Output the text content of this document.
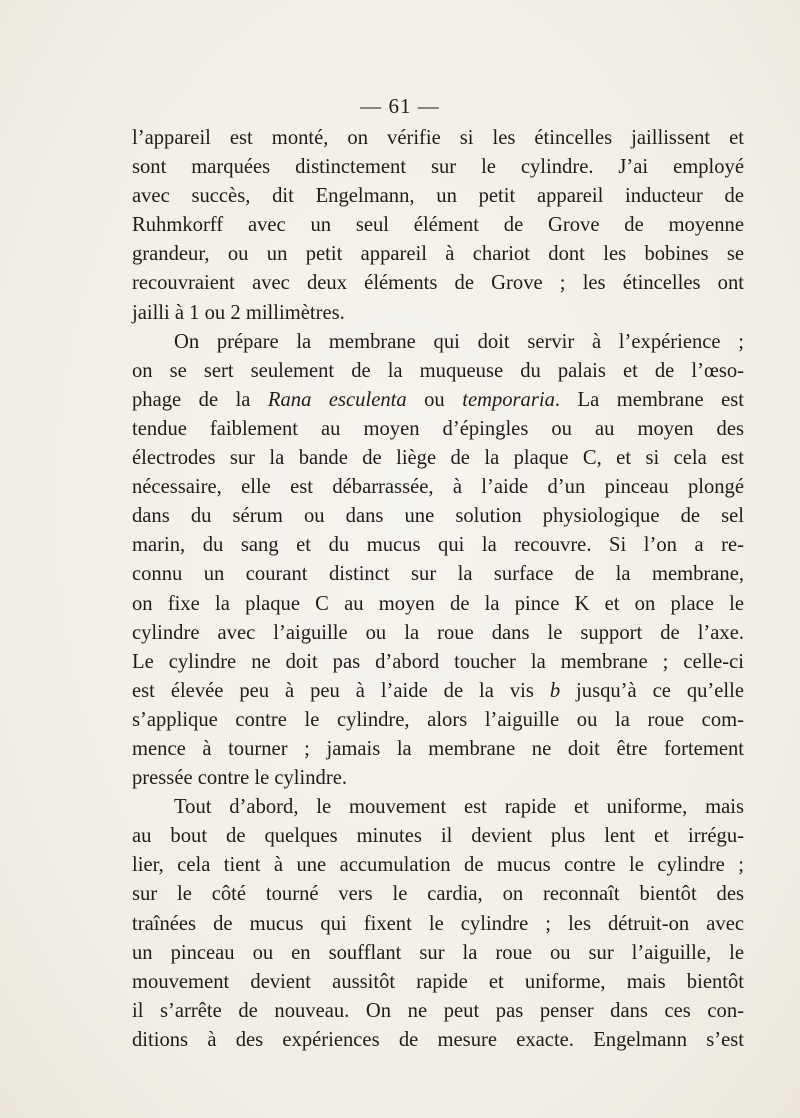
— 61 —
l’appareil est monté, on vérifie si les étincelles jaillissent et
sont marquées distinctement sur le cylindre. J’ai employé
avec succès, dit Engelmann, un petit appareil inducteur de
Ruhmkorff avec un seul élément de Grove de moyenne
grandeur, ou un petit appareil à chariot dont les bobines se
recouvraient avec deux éléments de Grove ; les étincelles ont
jailli à 1 ou 2 millimètres.
On prépare la membrane qui doit servir à l’expérience ;
on se sert seulement de la muqueuse du palais et de l’œso-
phage de la Rana esculenta ou temporaria. La membrane est
tendue faiblement au moyen d’épingles ou au moyen des
électrodes sur la bande de liège de la plaque C, et si cela est
nécessaire, elle est débarrassée, à l’aide d’un pinceau plongé
dans du sérum ou dans une solution physiologique de sel
marin, du sang et du mucus qui la recouvre. Si l’on a re-
connu un courant distinct sur la surface de la membrane,
on fixe la plaque C au moyen de la pince K et on place le
cylindre avec l’aiguille ou la roue dans le support de l’axe.
Le cylindre ne doit pas d’abord toucher la membrane ; celle-ci
est élevée peu à peu à l’aide de la vis b jusqu’à ce qu’elle
s’applique contre le cylindre, alors l’aiguille ou la roue com-
mence à tourner ; jamais la membrane ne doit être fortement
pressée contre le cylindre.
Tout d’abord, le mouvement est rapide et uniforme, mais
au bout de quelques minutes il devient plus lent et irrégu-
lier, cela tient à une accumulation de mucus contre le cylindre ;
sur le côté tourné vers le cardia, on reconnaît bientôt des
traînées de mucus qui fixent le cylindre ; les détruit-on avec
un pinceau ou en soufflant sur la roue ou sur l’aiguille, le
mouvement devient aussitôt rapide et uniforme, mais bientôt
il s’arrête de nouveau. On ne peut pas penser dans ces con-
ditions à des expériences de mesure exacte. Engelmann s’est
